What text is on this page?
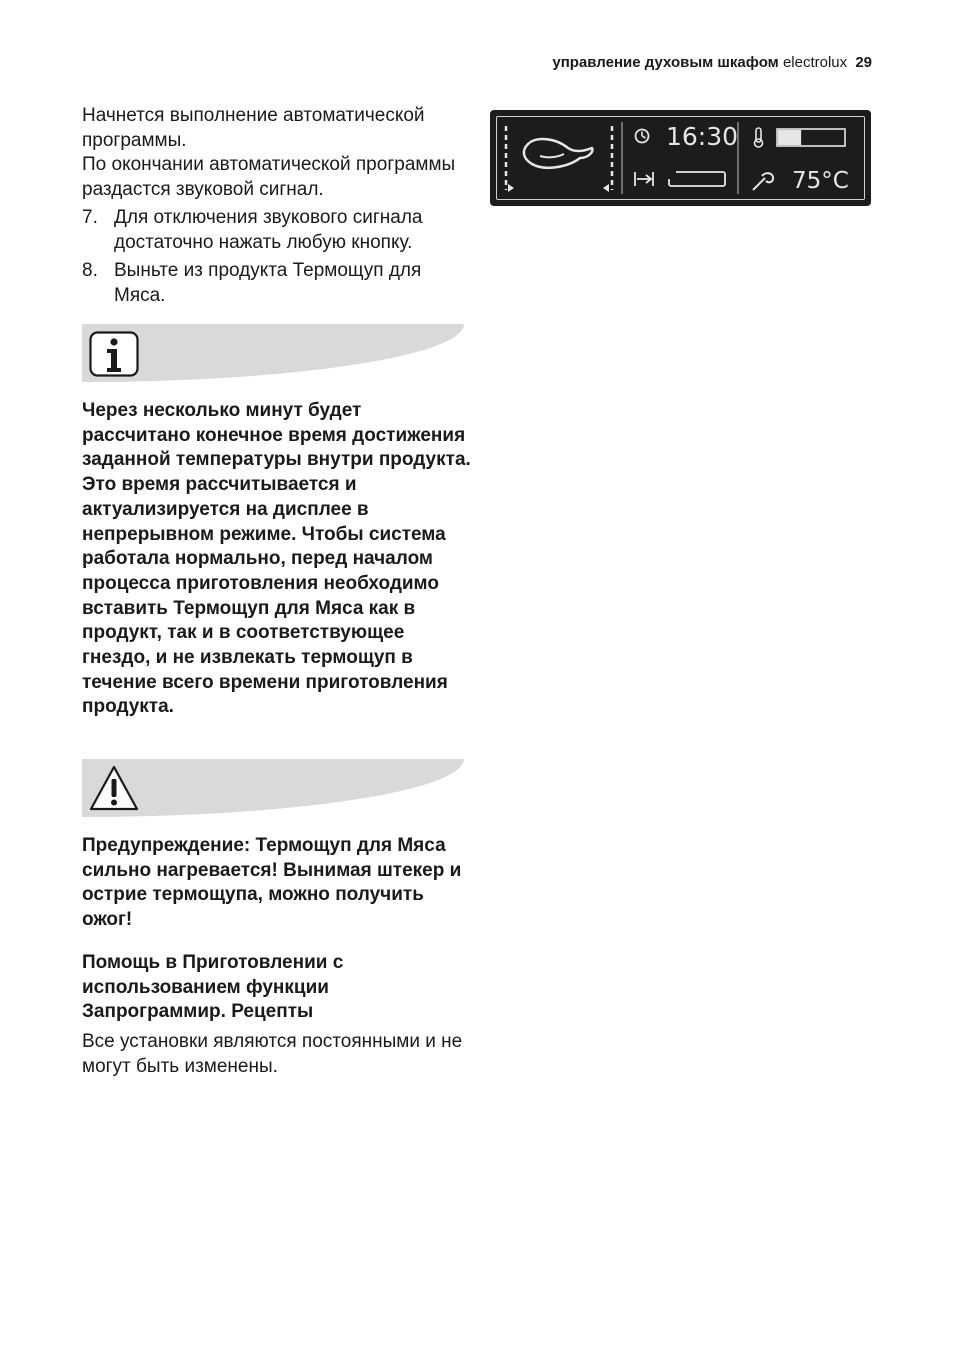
управление духовым шкафом electrolux 29

Начнется выполнение автоматической программы.

По окончании автоматической программы раздастся звуковой сигнал.

7. Для отключения звукового сигнала достаточно нажать любую кнопку.
8. Выньте из продукта Термощуп для Мяса.

Через несколько минут будет рассчитано конечное время достижения заданной температуры внутри продукта. Это время рассчитывается и актуализируется на дисплее в непрерывном режиме. Чтобы система работала нормально, перед началом процесса приготовления необходимо вставить Термощуп для Мяса как в продукт, так и в соответствующее гнездо, и не извлекать термощуп в течение всего времени приготовления продукта.

Предупреждение: Термощуп для Мяса сильно нагревается! Вынимая штекер и острие термощупа, можно получить ожог!

Помощь в Приготовлении с использованием функции Запрограммир. Рецепты

Все установки являются постоянными и не могут быть изменены.

16:30
75°C
